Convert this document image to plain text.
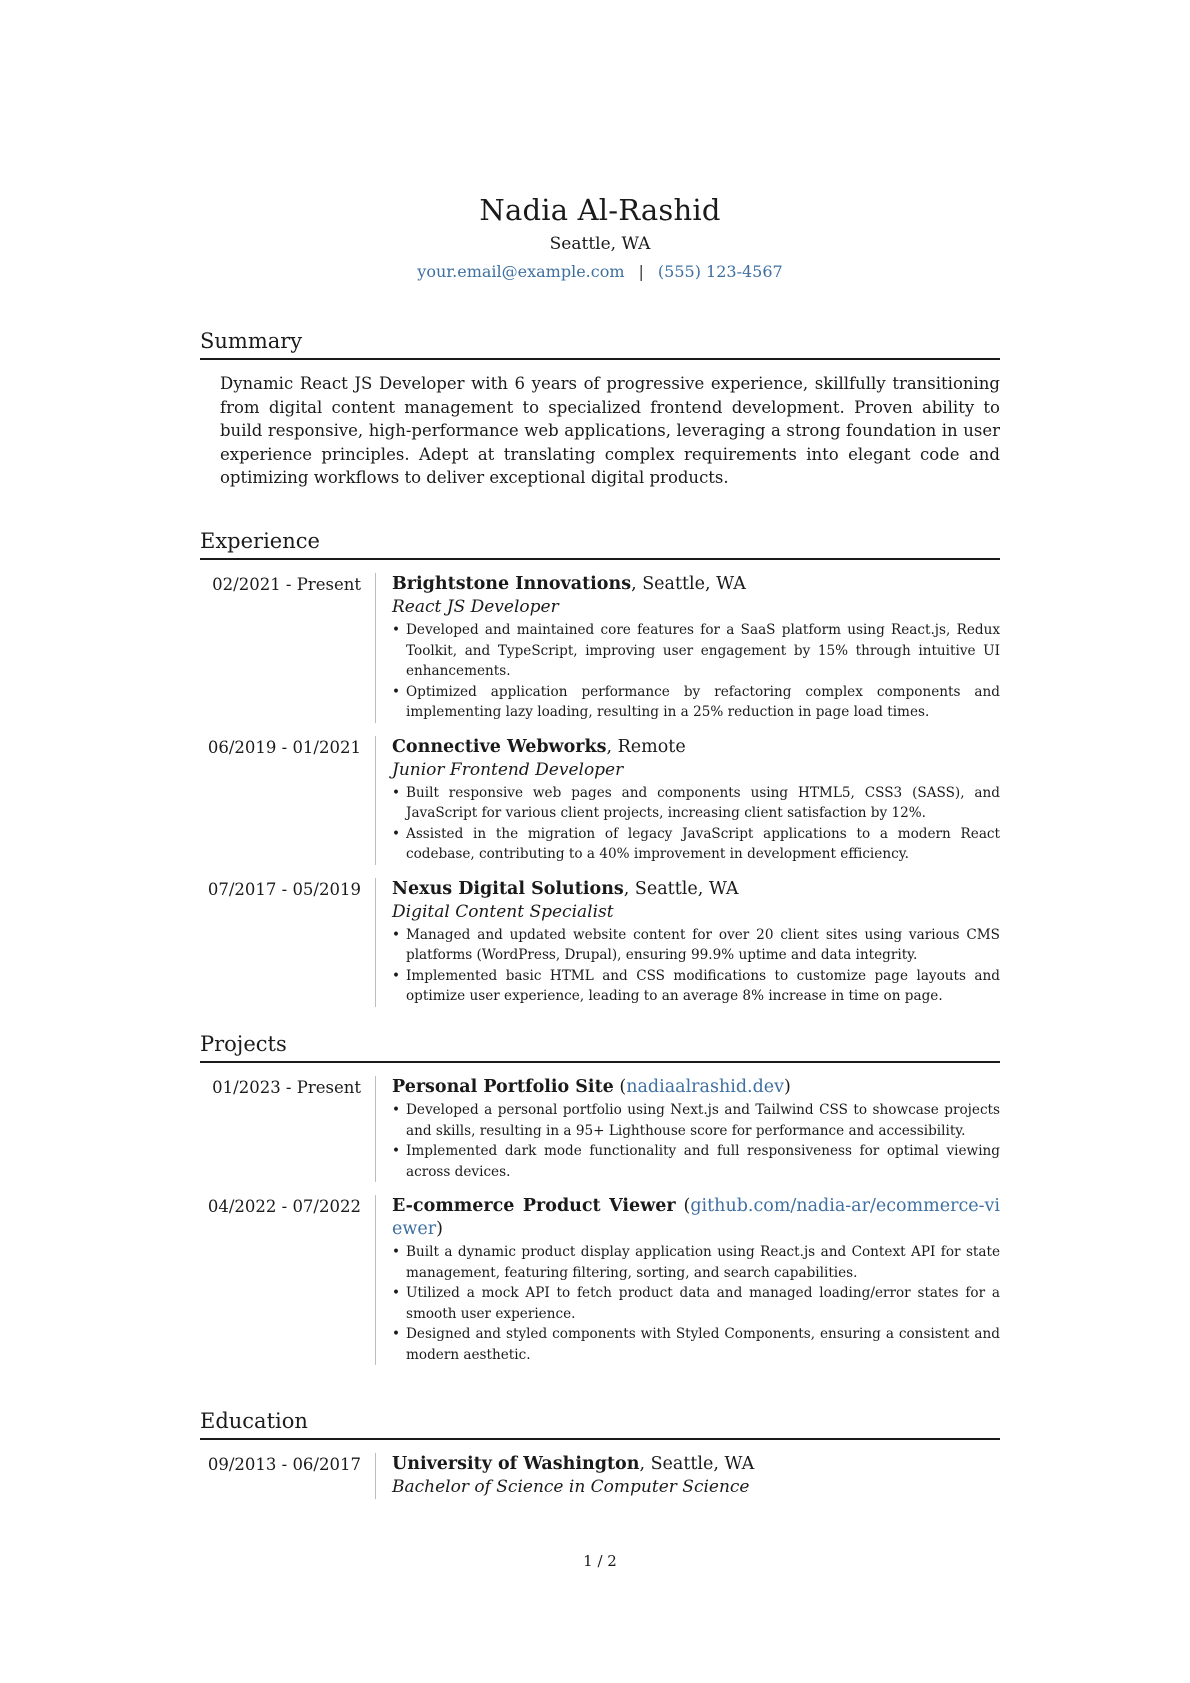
Nadia Al-Rashid
Seattle, WA
your.email@example.com | (555) 123-4567
Summary

Dynamic React JS Developer with 6 years of progressive experience, skillfully transitioning from digital content management to specialized frontend development. Proven ability to build responsive, high-performance web applications, leveraging a strong foundation in user experience principles. Adept at translating complex requirements into elegant code and optimizing workflows to deliver exceptional digital products.

Experience
02/2021 - Present	Brightstone Innovations, Seattle, WA
React JS Developer
• Developed and maintained core features for a SaaS platform using React.js, Redux Toolkit, and TypeScript, improving user engagement by 15% through intuitive UI enhancements.
• Optimized application performance by refactoring complex components and implementing lazy loading, resulting in a 25% reduction in page load times.
06/2019 - 01/2021	Connective Webworks, Remote
Junior Frontend Developer
• Built responsive web pages and components using HTML5, CSS3 (SASS), and JavaScript for various client projects, increasing client satisfaction by 12%.
• Assisted in the migration of legacy JavaScript applications to a modern React codebase, contributing to a 40% improvement in development efficiency.
07/2017 - 05/2019	Nexus Digital Solutions, Seattle, WA
Digital Content Specialist
• Managed and updated website content for over 20 client sites using various CMS platforms (WordPress, Drupal), ensuring 99.9% uptime and data integrity.
• Implemented basic HTML and CSS modifications to customize page layouts and optimize user experience, leading to an average 8% increase in time on page.
Projects
01/2023 - Present	Personal Portfolio Site (nadiaalrashid.dev)
• Developed a personal portfolio using Next.js and Tailwind CSS to showcase projects and skills, resulting in a 95+ Lighthouse score for performance and accessibility.
• Implemented dark mode functionality and full responsiveness for optimal viewing across devices.
04/2022 - 07/2022	E-commerce Product Viewer (github.com/nadia-ar/ecommerce-viewer)
• Built a dynamic product display application using React.js and Context API for state management, featuring filtering, sorting, and search capabilities.
• Utilized a mock API to fetch product data and managed loading/error states for a smooth user experience.
• Designed and styled components with Styled Components, ensuring a consistent and modern aesthetic.
Education
09/2013 - 06/2017	University of Washington, Seattle, WA
Bachelor of Science in Computer Science
1 / 2
